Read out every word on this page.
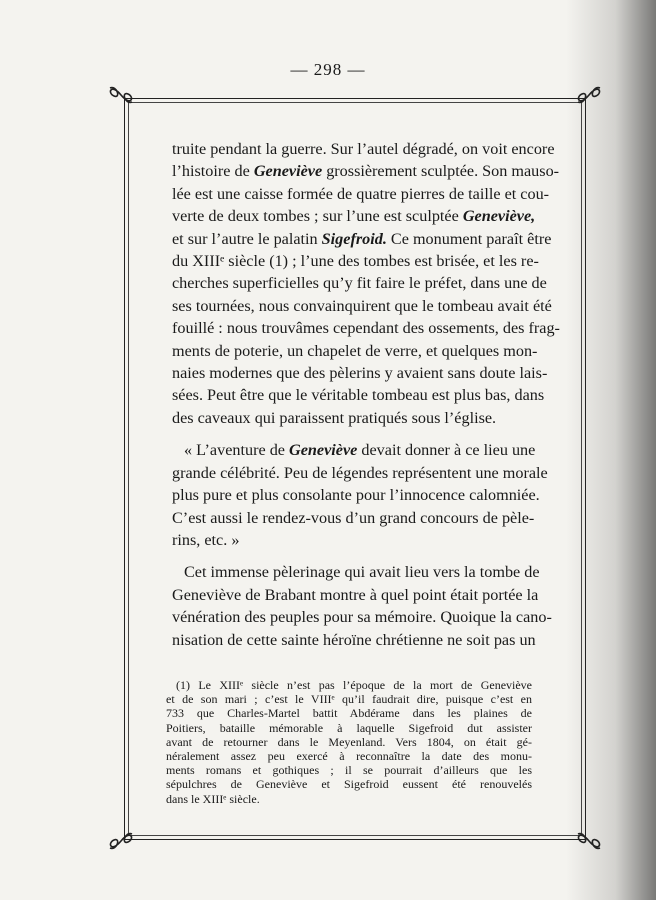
— 298 —

truite pendant la guerre. Sur l’autel dégradé, on voit encore
l’histoire de Geneviève grossièrement sculptée. Son mauso-
lée est une caisse formée de quatre pierres de taille et cou-
verte de deux tombes ; sur l’une est sculptée Geneviève,
et sur l’autre le palatin Sigefroid. Ce monument paraît être
du XIIIᵉ siècle (1) ; l’une des tombes est brisée, et les re-
cherches superficielles qu’y fit faire le préfet, dans une de
ses tournées, nous convainquirent que le tombeau avait été
fouillé : nous trouvâmes cependant des ossements, des frag-
ments de poterie, un chapelet de verre, et quelques mon-
naies modernes que des pèlerins y avaient sans doute lais-
sées. Peut être que le véritable tombeau est plus bas, dans
des caveaux qui paraissent pratiqués sous l’église.

« L’aventure de Geneviève devait donner à ce lieu une
grande célébrité. Peu de légendes représentent une morale
plus pure et plus consolante pour l’innocence calomniée.
C’est aussi le rendez-vous d’un grand concours de pèle-
rins, etc. »

Cet immense pèlerinage qui avait lieu vers la tombe de
Geneviève de Brabant montre à quel point était portée la
vénération des peuples pour sa mémoire. Quoique la cano-
nisation de cette sainte héroïne chrétienne ne soit pas un

(1) Le XIIIᵉ siècle n’est pas l’époque de la mort de Geneviève
et de son mari ; c’est le VIIIᵉ qu’il faudrait dire, puisque c’est en
733 que Charles-Martel battit Abdérame dans les plaines de
Poitiers, bataille mémorable à laquelle Sigefroid dut assister
avant de retourner dans le Meyenland. Vers 1804, on était gé-
néralement assez peu exercé à reconnaître la date des monu-
ments romans et gothiques ; il se pourrait d’ailleurs que les
sépulchres de Geneviève et Sigefroid eussent été renouvelés
dans le XIIIᵉ siècle.
